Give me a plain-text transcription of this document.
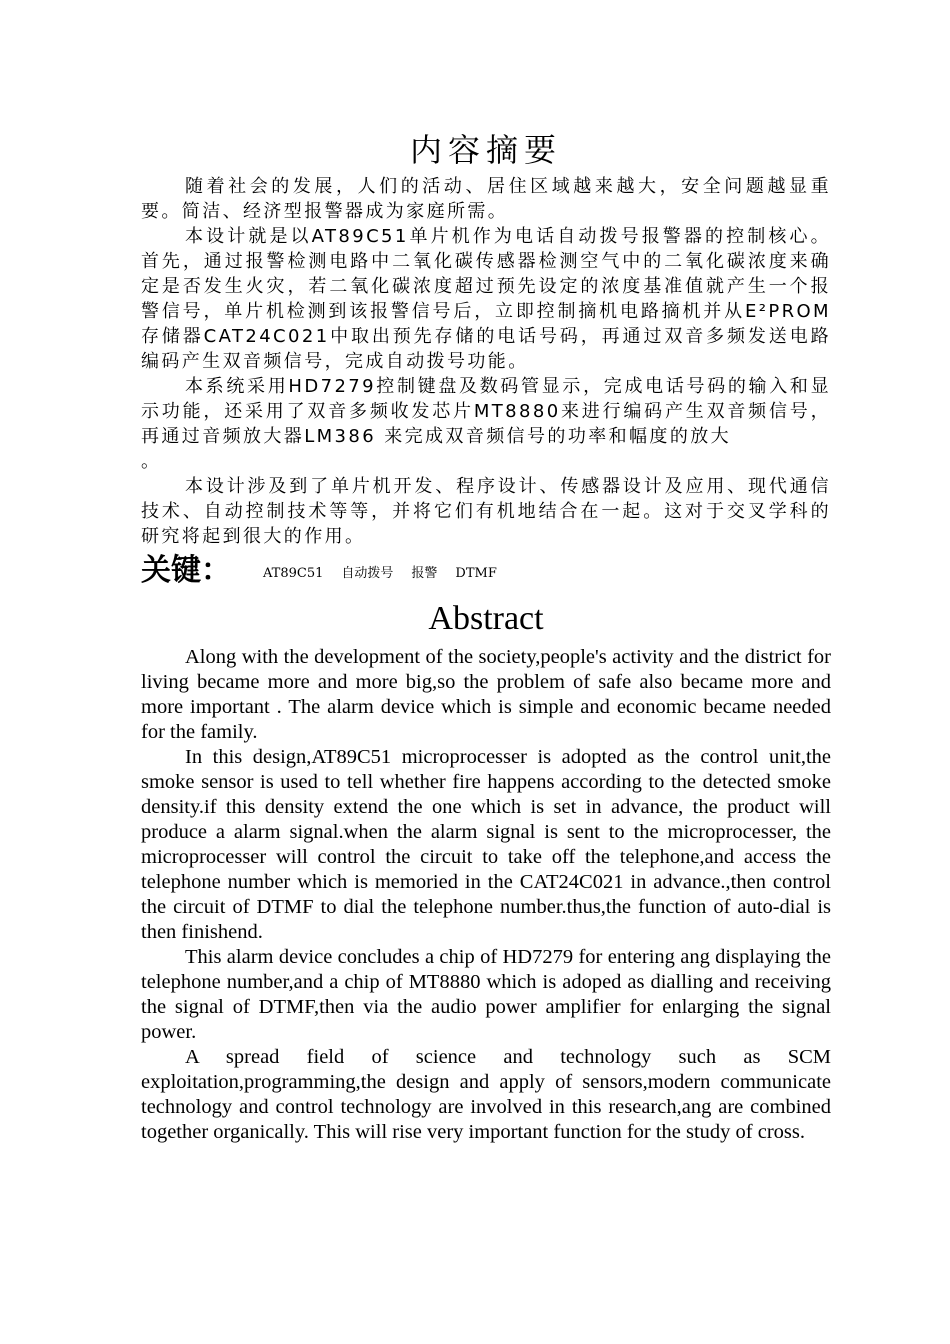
内容摘要

随着社会的发展，人们的活动、居住区域越来越大，安全问题越显重要。简洁、经济型报警器成为家庭所需。

本设计就是以AT89C51单片机作为电话自动拨号报警器的控制核心。首先，通过报警检测电路中二氧化碳传感器检测空气中的二氧化碳浓度来确定是否发生火灾，若二氧化碳浓度超过预先设定的浓度基准值就产生一个报警信号，单片机检测到该报警信号后，立即控制摘机电路摘机并从E²PROM存储器CAT24C021中取出预先存储的电话号码，再通过双音多频发送电路编码产生双音频信号，完成自动拨号功能。

本系统采用HD7279控制键盘及数码管显示，完成电话号码的输入和显示功能，还采用了双音多频收发芯片MT8880来进行编码产生双音频信号，再通过音频放大器LM386 来完成双音频信号的功率和幅度的放大

。

本设计涉及到了单片机开发、程序设计、传感器设计及应用、现代通信技术、自动控制技术等等，并将它们有机地结合在一起。这对于交叉学科的研究将起到很大的作用。

关键： AT89C51 自动拨号 报警 DTMF
Abstract

Along with the development of the society,people's activity and the district for living became more and more big,so the problem of safe also became more and more important . The alarm device which is simple and economic became needed for the family.

In this design,AT89C51 microprocesser is adopted as the control unit,the smoke sensor is used to tell whether fire happens according to the detected smoke density.if this density extend the one which is set in advance, the product will produce a alarm signal.when the alarm signal is sent to the microprocesser, the microprocesser will control the circuit to take off the telephone,and access the telephone number which is memoried in the CAT24C021 in advance.,then control the circuit of DTMF to dial the telephone number.thus,the function of auto-dial is then finishend.

This alarm device concludes a chip of HD7279 for entering ang displaying the telephone number,and a chip of MT8880 which is adoped as dialling and receiving the signal of DTMF,then via the audio power amplifier for enlarging the signal power.

A spread field of science and technology such as SCM exploitation,programming,the design and apply of sensors,modern communicate technology and control technology are involved in this research,ang are combined together organically. This will rise very important function for the study of cross.
